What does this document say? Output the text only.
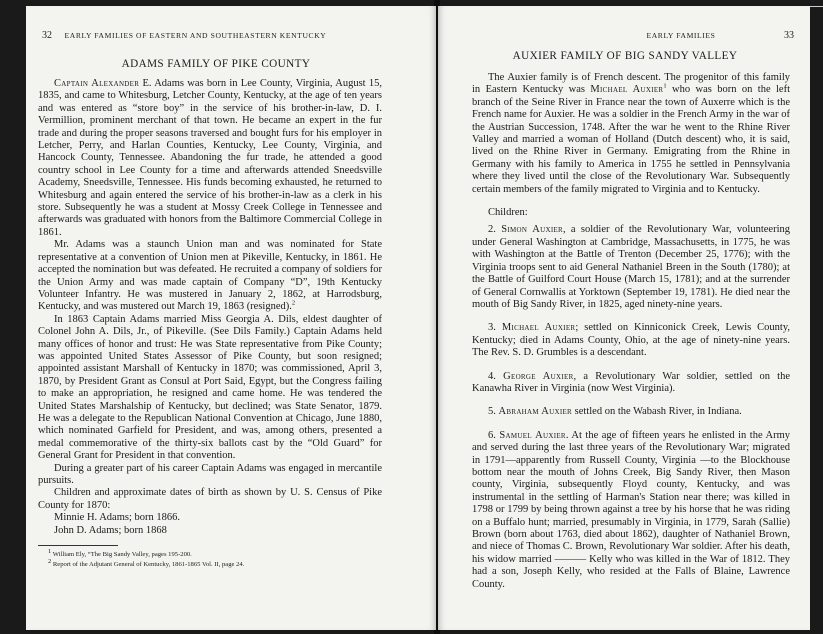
32 EARLY FAMILIES OF EASTERN AND SOUTHEASTERN KENTUCKY
ADAMS FAMILY OF PIKE COUNTY

Captain Alexander E. Adams was born in Lee County, Virginia, August 15, 1835, and came to Whitesburg, Letcher County, Kentucky, at the age of ten years and was entered as “store boy” in the service of his brother-in-law, D. I. Vermillion, prominent merchant of that town. He became an expert in the fur trade and during the proper seasons traversed and bought furs for his employer in Letcher, Perry, and Harlan Counties, Kentucky, Lee County, Virginia, and Hancock County, Tennessee. Abandoning the fur trade, he attended a good country school in Lee County for a time and afterwards attended Sneedsville Academy, Sneedsville, Tennessee. His funds becoming exhausted, he returned to Whitesburg and again entered the service of his brother-in-law as a clerk in his store. Subsequently he was a student at Mossy Creek College in Tennessee and afterwards was graduated with honors from the Baltimore Commercial College in 1861.

Mr. Adams was a staunch Union man and was nominated for State representative at a convention of Union men at Pikeville, Kentucky, in 1861. He accepted the nomination but was defeated. He recruited a company of soldiers for the Union Army and was made captain of Company “D”, 19th Kentucky Volunteer Infantry. He was mustered in January 2, 1862, at Harrodsburg, Kentucky, and was mustered out March 19, 1863 (resigned).$^2$

In 1863 Captain Adams married Miss Georgia A. Dils, eldest daughter of Colonel John A. Dils, Jr., of Pikeville. (See Dils Family.) Captain Adams held many offices of honor and trust: He was State representative from Pike County; was appointed United States Assessor of Pike County, but soon resigned; appointed assistant Marshall of Kentucky in 1870; was commissioned, April 3, 1870, by President Grant as Consul at Port Said, Egypt, but the Congress failing to make an appropriation, he resigned and came home. He was tendered the United States Marshalship of Kentucky, but declined; was State Senator, 1879. He was a delegate to the Republican National Convention at Chicago, June 1880, which nominated Garfield for President, and was, among others, presented a medal commemorative of the thirty-six ballots cast by the “Old Guard” for General Grant for President in that convention.

During a greater part of his career Captain Adams was engaged in mercantile pursuits.

Children and approximate dates of birth as shown by U. S. Census of Pike County for 1870:

Minnie H. Adams; born 1866.

John D. Adams; born 1868

$^1$ William Ely, “The Big Sandy Valley, pages 195-200.

$^2$ Report of the Adjutant General of Kentucky, 1861-1865 Vol. II, page 24.

EARLY FAMILIES	33
AUXIER FAMILY OF BIG SANDY VALLEY

The Auxier family is of French descent. The progenitor of this family in Eastern Kentucky was Michael Auxier$^1$ who was born on the left branch of the Seine River in France near the town of Auxerre which is the French name for Auxier. He was a soldier in the French Army in the war of the Austrian Succession, 1748. After the war he went to the Rhine River Valley and married a woman of Holland (Dutch descent) who, it is said, lived on the Rhine River in Germany. Emigrating from the Rhine in Germany with his family to America in 1755 he settled in Pennsylvania where they lived until the close of the Revolutionary War. Subsequently certain members of the family migrated to Virginia and to Kentucky.

Children:

2. Simon Auxier, a soldier of the Revolutionary War, volunteering under General Washington at Cambridge, Massachusetts, in 1775, he was with Washington at the Battle of Trenton (December 25, 1776); with the Virginia troops sent to aid General Nathaniel Breen in the South (1780); at the Battle of Guilford Court House (March 15, 1781); and at the surrender of General Cornwallis at Yorktown (September 19, 1781). He died near the mouth of Big Sandy River, in 1825, aged ninety-nine years.

3. Michael Auxier; settled on Kinniconick Creek, Lewis County, Kentucky; died in Adams County, Ohio, at the age of ninety-nine years. The Rev. S. D. Grumbles is a descendant.

4. George Auxier, a Revolutionary War soldier, settled on the Kanawha River in Virginia (now West Virginia).

5. Abraham Auxier settled on the Wabash River, in Indiana.

6. Samuel Auxier. At the age of fifteen years he enlisted in the Army and served during the last three years of the Revolutionary War; migrated in 1791—apparently from Russell County, Virginia —to the Blockhouse bottom near the mouth of Johns Creek, Big Sandy River, then Mason county, Virginia, subsequently Floyd county, Kentucky, and was instrumental in the settling of Harman's Station near there; was killed in 1798 or 1799 by being thrown against a tree by his horse that he was riding on a Buffalo hunt; married, presumably in Virginia, in 1779, Sarah (Sallie) Brown (born about 1763, died about 1862), daughter of Nathaniel Brown, and niece of Thomas C. Brown, Revolutionary War soldier. After his death, his widow married ——— Kelly who was killed in the War of 1812. They had a son, Joseph Kelly, who resided at the Falls of Blaine, Lawrence County.
